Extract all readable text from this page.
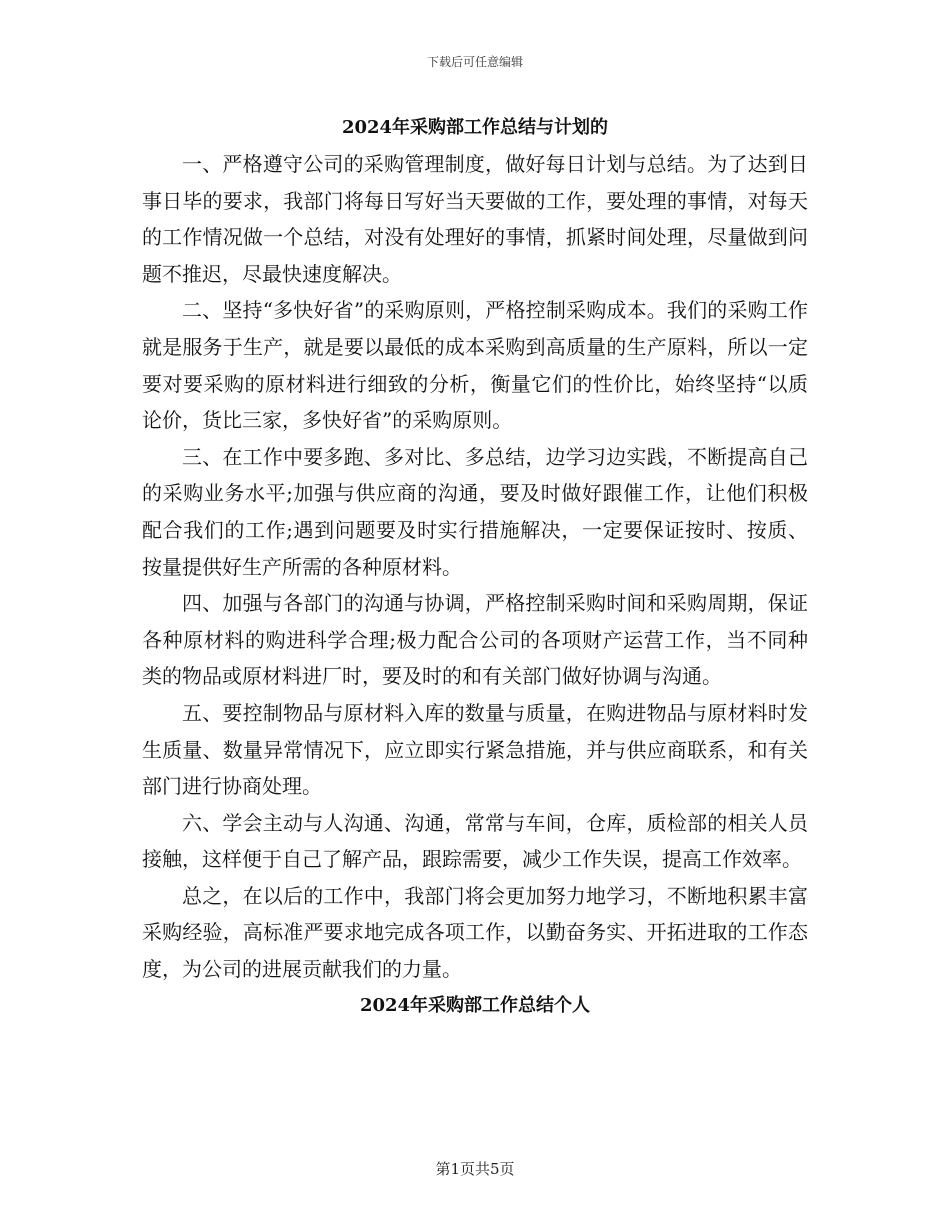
下载后可任意编辑
2024年采购部工作总结与计划的

一、严格遵守公司的采购管理制度，做好每日计划与总结。为了达到日事日毕的要求，我部门将每日写好当天要做的工作，要处理的事情，对每天的工作情况做一个总结，对没有处理好的事情，抓紧时间处理，尽量做到问题不推迟，尽最快速度解决。

二、坚持“多快好省”的采购原则，严格控制采购成本。我们的采购工作就是服务于生产，就是要以最低的成本采购到高质量的生产原料，所以一定要对要采购的原材料进行细致的分析，衡量它们的性价比，始终坚持“以质论价，货比三家，多快好省”的采购原则。

三、在工作中要多跑、多对比、多总结，边学习边实践，不断提高自己的采购业务水平;加强与供应商的沟通，要及时做好跟催工作，让他们积极配合我们的工作;遇到问题要及时实行措施解决，一定要保证按时、按质、按量提供好生产所需的各种原材料。

四、加强与各部门的沟通与协调，严格控制采购时间和采购周期，保证各种原材料的购进科学合理;极力配合公司的各项财产运营工作，当不同种类的物品或原材料进厂时，要及时的和有关部门做好协调与沟通。

五、要控制物品与原材料入库的数量与质量，在购进物品与原材料时发生质量、数量异常情况下，应立即实行紧急措施，并与供应商联系，和有关部门进行协商处理。

六、学会主动与人沟通、沟通，常常与车间，仓库，质检部的相关人员接触，这样便于自己了解产品，跟踪需要，减少工作失误，提高工作效率。

总之，在以后的工作中，我部门将会更加努力地学习，不断地积累丰富采购经验，高标准严要求地完成各项工作，以勤奋务实、开拓进取的工作态度，为公司的进展贡献我们的力量。

2024年采购部工作总结个人
第1页共5页
